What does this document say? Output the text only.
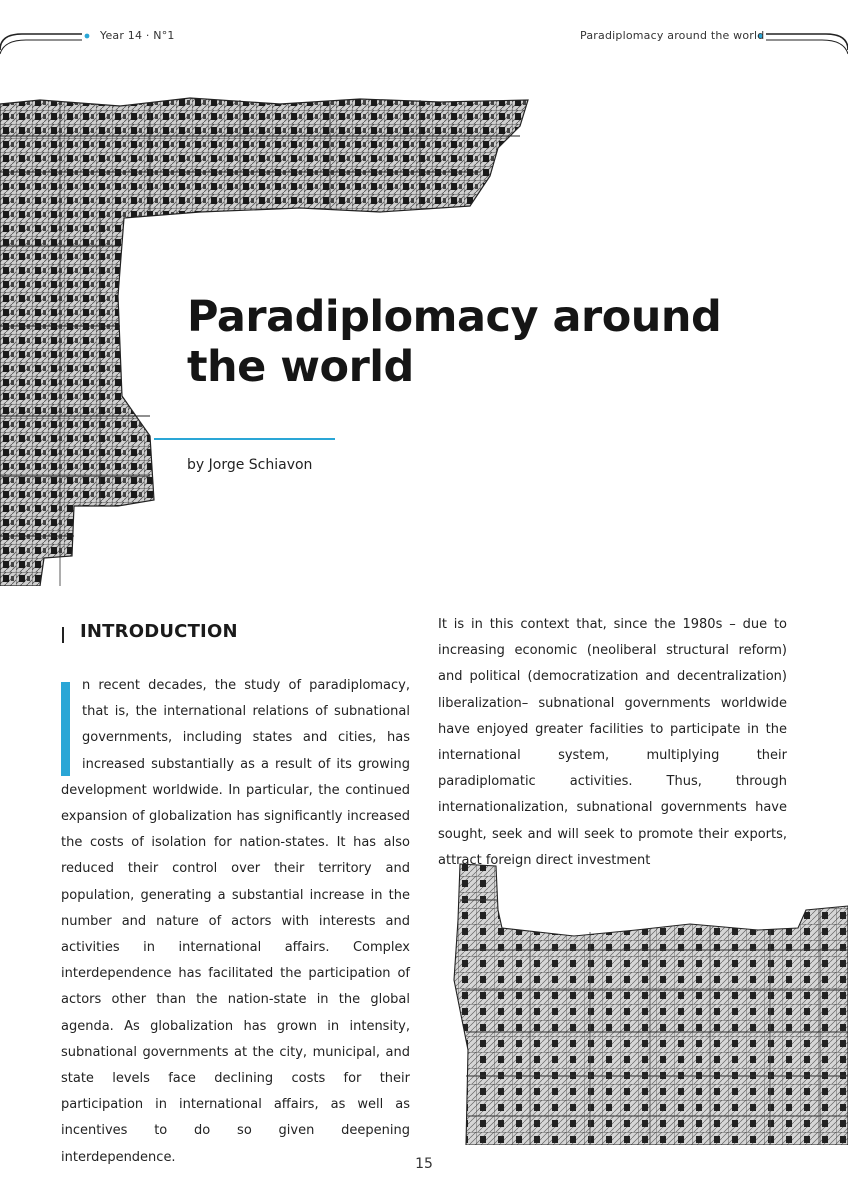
Year 14 · N°1	Paradiplomacy around the world
Paradiplomacy around
the world
by Jorge Schiavon
INTRODUCTION

n recent decades, the study of paradiplomacy, that is, the international relations of subnational governments, including states and cities, has increased substantially as a result of its growing development worldwide. In particular, the continued expansion of globalization has significantly increased the costs of isolation for nation-states. It has also reduced their control over their territory and population, generating a substantial increase in the number and nature of actors with interests and activities in international affairs. Complex interdependence has facilitated the participation of actors other than the nation-state in the global agenda. As globalization has grown in intensity, subnational governments at the city, municipal, and state levels face declining costs for their participation in international affairs, as well as incentives to do so given deepening interdependence.

It is in this context that, since the 1980s – due to increasing economic (neoliberal structural reform) and political (democratization and decentralization) liberalization– subnational governments worldwide have enjoyed greater facilities to participate in the international system, multiplying their paradiplomatic activities. Thus, through internationalization, subnational governments have sought, seek and will seek to promote their exports, attract foreign direct investment

15
